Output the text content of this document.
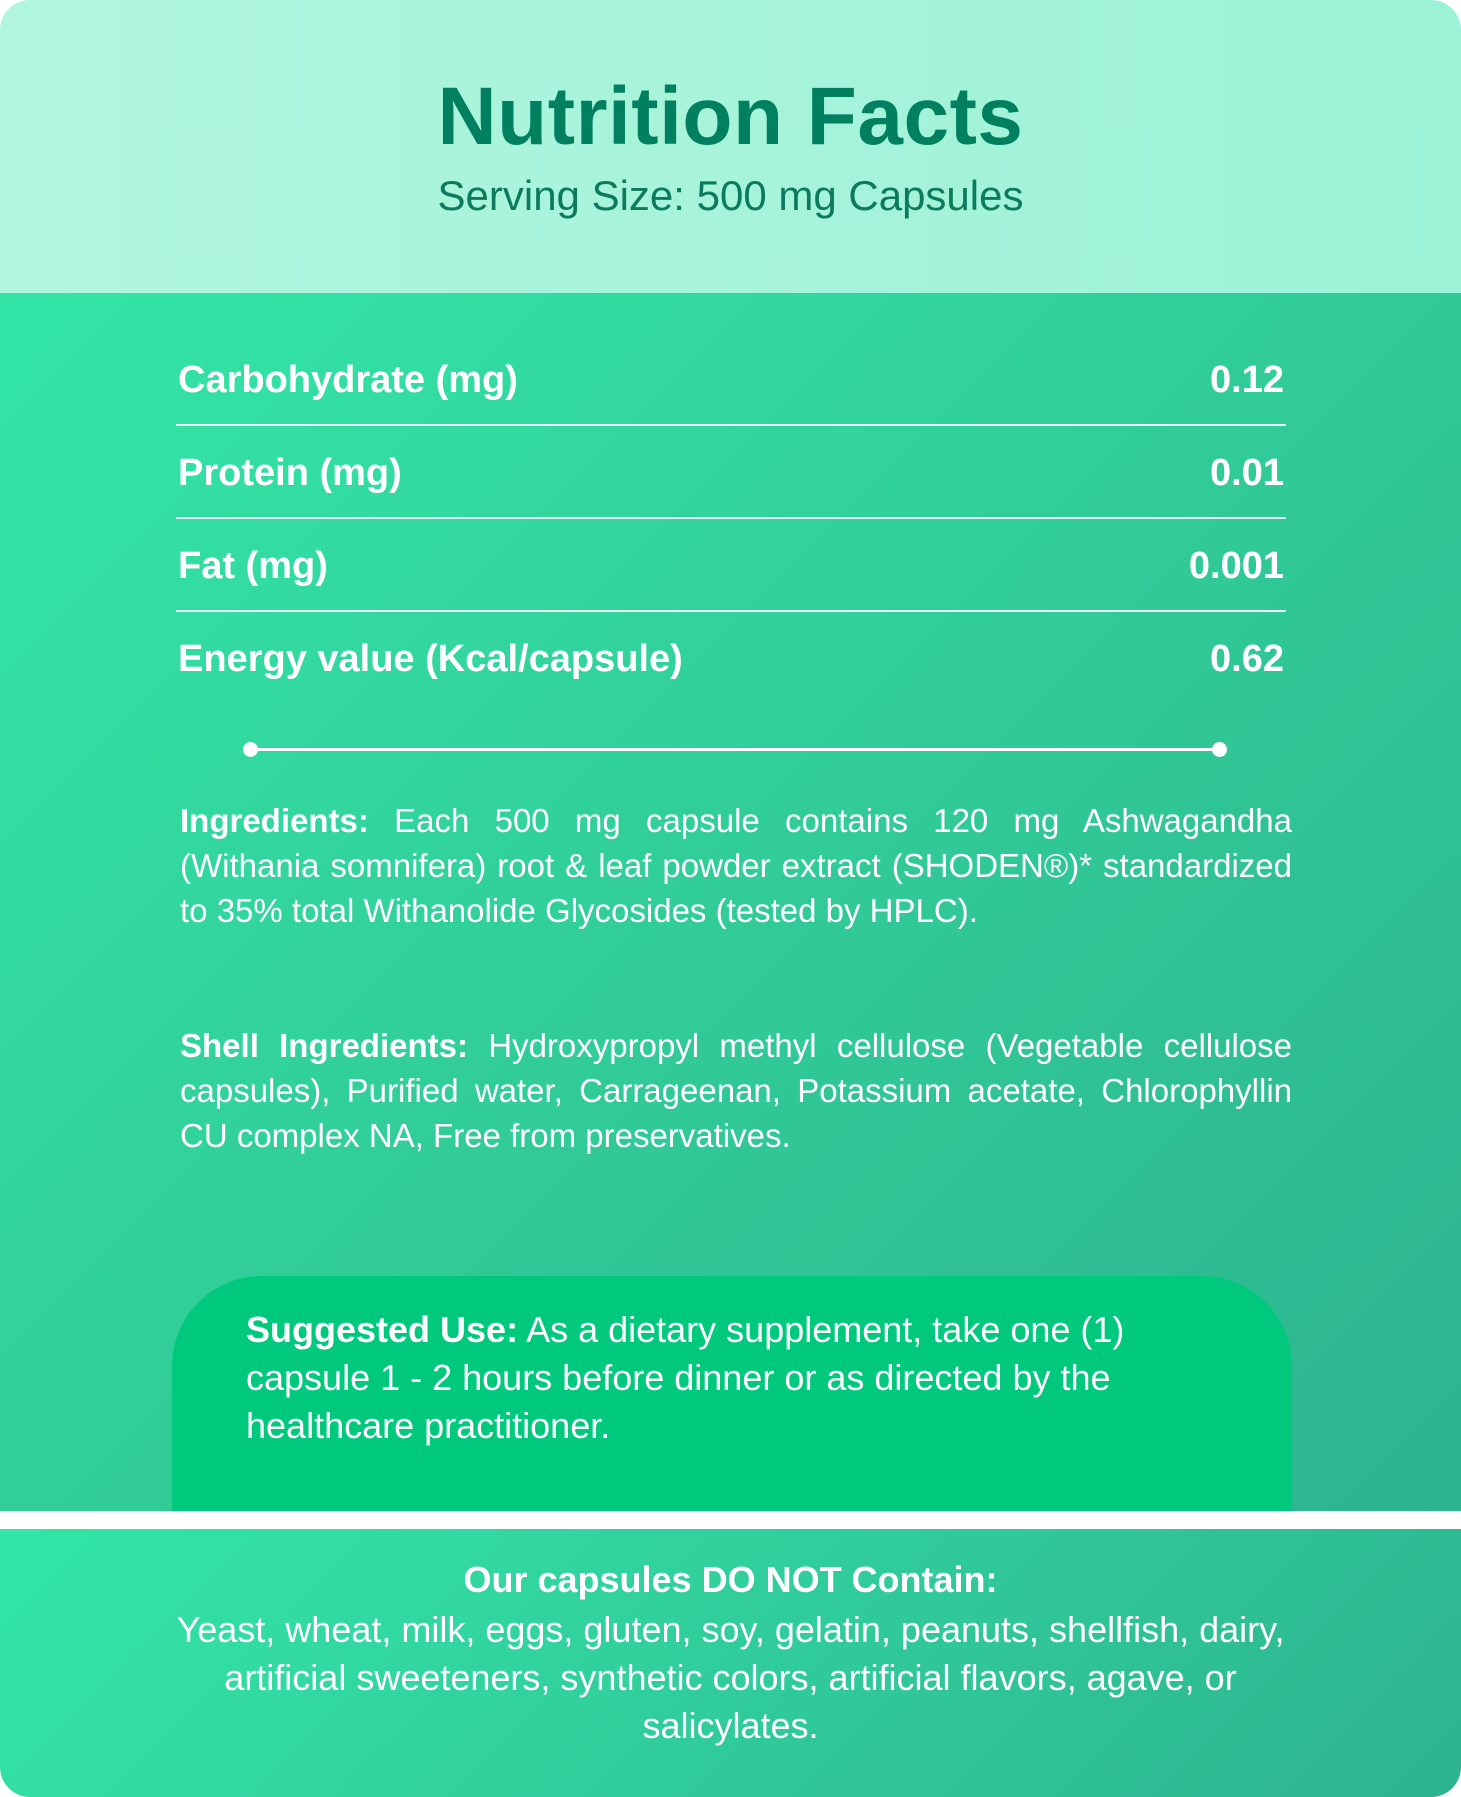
Nutrition Facts
Serving Size: 500 mg Capsules
Carbohydrate (mg)	0.12
Protein (mg)	0.01
Fat (mg)	0.001
Energy value (Kcal/capsule)	0.62

Ingredients: Each 500 mg capsule contains 120 mg Ashwagandha (Withania somnifera) root & leaf powder extract (SHODEN®)* standardized to 35% total Withanolide Glycosides (tested by HPLC).

Shell Ingredients: Hydroxypropyl methyl cellulose (Vegetable cellulose capsules), Purified water, Carrageenan, Potassium acetate, Chlorophyllin CU complex NA, Free from preservatives.

Suggested Use: As a dietary supplement, take one (1) capsule 1 - 2 hours before dinner or as directed by the healthcare practitioner.

Our capsules DO NOT Contain:
Yeast, wheat, milk, eggs, gluten, soy, gelatin, peanuts, shellfish, dairy, artificial sweeteners, synthetic colors, artificial flavors, agave, or salicylates.
